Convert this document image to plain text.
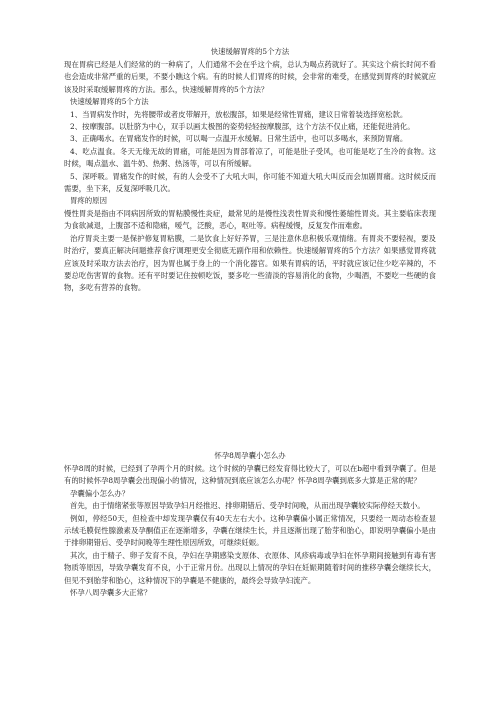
快速缓解胃疼的5个方法

现在胃病已经是人们经常的的一种病了，人们通常不会在乎这个病，总认为喝点药就好了。其实这个病长时间不看也会造成非常严重的后果，不要小瞧这个病。有的时候人们胃疼的时候，会非常的难受，在感觉到胃疼的时候就应该及时采取缓解胃疼的方法。那么，快速缓解胃疼的5个方法？

快速缓解胃疼的5个方法

1、当胃病发作时，先将腰带或者皮带解开，放松腹部，如果是经常性胃痛，建议日常着装选择宽松款。

2、按摩腹部。以肚脐为中心，双手以画太极图的姿势轻轻按摩腹部，这个方法不仅止痛，还能促进消化。

3、正确喝水。在胃痛发作的时候，可以喝一点温开水缓解。日常生活中，也可以多喝水，来预防胃痛。

4、吃点温食。冬天无缘无故的胃痛，可能是因为胃部着凉了，可能是肚子受风，也可能是吃了生冷的食物。这时候，喝点温水、温牛奶、热粥、热汤等，可以有所缓解。

5、深呼吸。胃痛发作的时候，有的人会受不了大吼大叫，你可能不知道大吼大叫反而会加剧胃痛。这时候反而需要，坐下来，反复深呼吸几次。

胃疼的原因

慢性胃炎是指由不同病因所致的胃粘膜慢性炎症，最常见的是慢性浅表性胃炎和慢性萎缩性胃炎。其主要临床表现为食欲减退，上腹部不适和隐痛，嗳气，泛酸，恶心，呕吐等。病程缓慢，反复发作而难愈。

治疗胃炎主要一是保护修复胃粘膜，二是饮食上好好养胃，三是注意休息积极乐观情绪。有胃炎不要轻视，要及时治疗，要真正解决问题推荐食疗调理更安全彻底无副作用和依赖性。快速缓解胃疼的5个方法？如果感觉胃疼就应该及时采取方法去治疗，因为胃也属于身上的一个消化器官。如果有胃病的话，平时就应该记住少吃辛辣的，不要总吃伤害胃的食物。还有平时要记住按顿吃饭，要多吃一些清淡的容易消化的食物，少喝酒，不要吃一些硬的食物，多吃有营养的食物。

怀孕8周孕囊小怎么办

怀孕8周的时候，已经到了孕两个月的时候。这个时候的孕囊已经发育得比较大了，可以在b超中看到孕囊了。但是有的时候怀孕8周孕囊会出现偏小的情况，这种情况到底应该怎么办呢？怀孕8周孕囊到底多大算是正常的呢？

孕囊偏小怎么办？

首先，由于情绪紧张等原因导致孕妇月经推迟、排卵期错后、受孕时间晚，从而出现孕囊较实际停经天数小。

例如，停经50天，但检查中却发现孕囊仅有40天左右大小。这种孕囊偏小属正常情况，只要经一周动态检查显示绒毛膜促性腺激素及孕酮值正在逐渐增多，孕囊在继续生长，并且逐渐出现了胎芽和胎心，即说明孕囊偏小是由于排卵期错后、受孕时间晚等生理性原因所致，可继续妊娠。

其次，由于精子、卵子发育不良，孕妇在孕期感染支原体、衣原体、风疹病毒或孕妇在怀孕期间接触到有毒有害物质等原因，导致孕囊发育不良，小于正常月份。出现以上情况的孕妇在妊娠期随着时间的推移孕囊会继续长大，但见不到胎芽和胎心，这种情况下的孕囊是不健康的，最终会导致孕妇流产。

怀孕八周孕囊多大正常？
